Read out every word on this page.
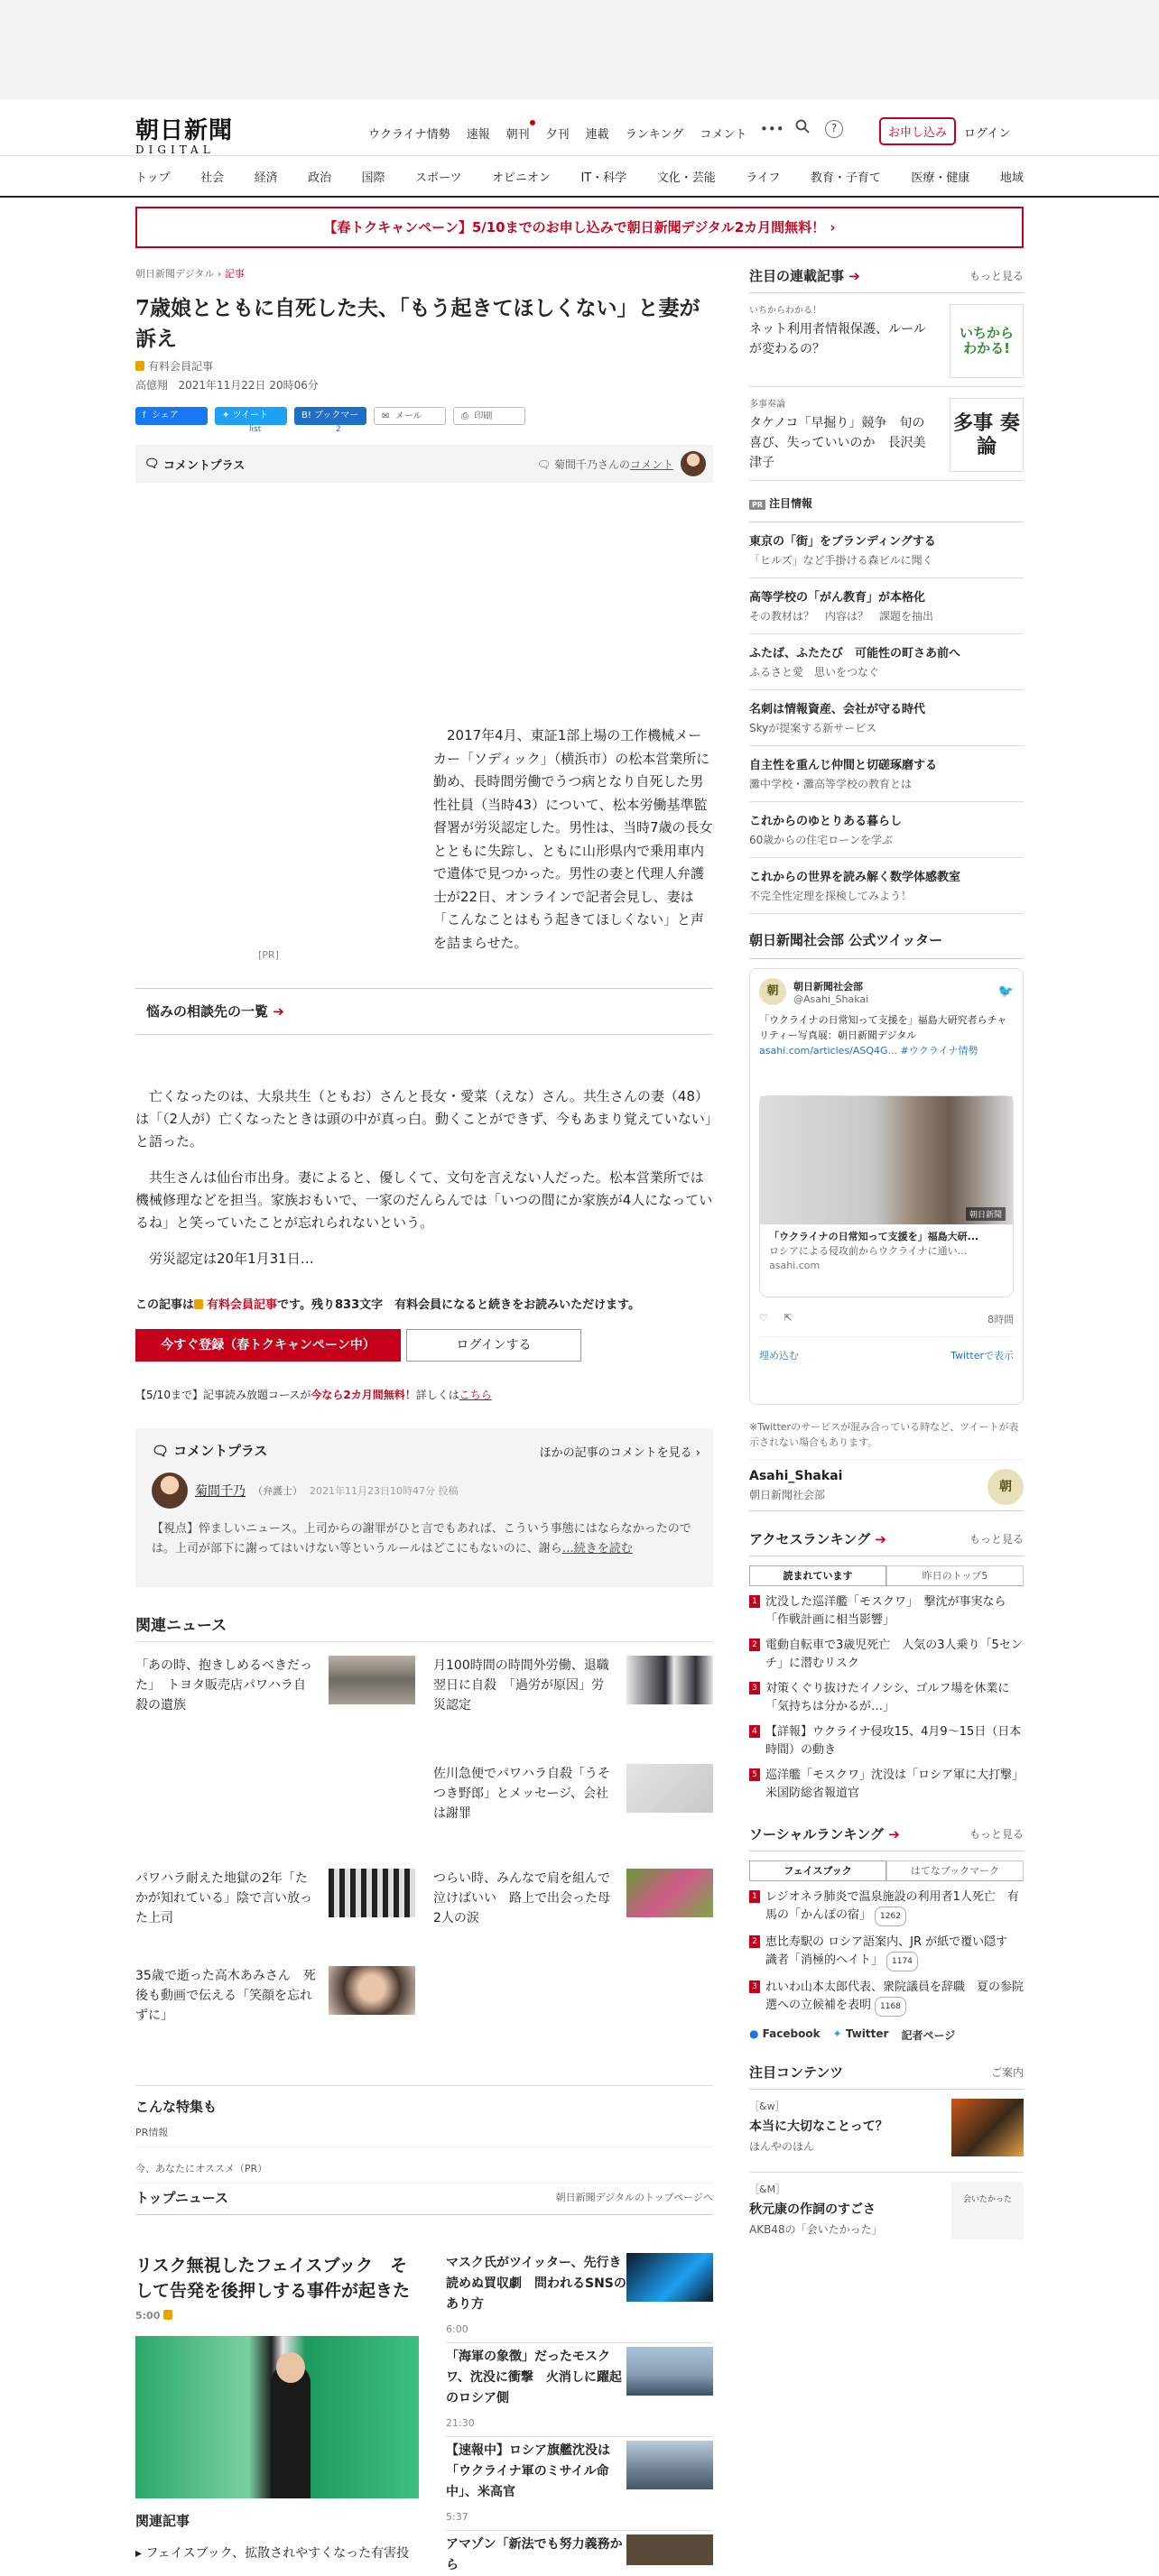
朝日新聞
DIGITAL
ウクライナ情勢 速報 朝刊 夕刊 連載 ランキング コメント •••	?	お申し込み	ログイン
トップ	社会	経済	政治	国際	スポーツ	オピニオン	IT・科学	文化・芸能	ライフ	教育・子育て	医療・健康	地域
【春トクキャンペーン】5/10までのお申し込みで朝日新聞デジタル2カ月間無料！ ›
朝日新聞デジタル › 記事
7歳娘とともに自死した夫、「もう起きてほしくない」と妻が訴え
有料会員記事
高億翔 2021年11月22日 20時06分
f  シェア	✦ ツイート	B! ブックマーク
✉  メール	⎙  印刷
list	2
🗨 コメントプラス	🗨 菊間千乃さんのコメント
[PR]
2017年4月、東証1部上場の工作機械メーカー「ソディック」（横浜市）の松本営業所に勤め、長時間労働でうつ病となり自死した男性社員（当時43）について、松本労働基準監督署が労災認定した。男性は、当時7歳の長女とともに失踪し、ともに山形県内で乗用車内で遺体で見つかった。男性の妻と代理人弁護士が22日、オンラインで記者会見し、妻は「こんなことはもう起きてほしくない」と声を詰まらせた。
悩みの相談先の一覧 ➔

亡くなったのは、大泉共生（ともお）さんと長女・愛菜（えな）さん。共生さんの妻（48）は「（2人が）亡くなったときは頭の中が真っ白。動くことができず、今もあまり覚えていない」と語った。

共生さんは仙台市出身。妻によると、優しくて、文句を言えない人だった。松本営業所では機械修理などを担当。家族おもいで、一家のだんらんでは「いつの間にか家族が4人になっているね」と笑っていたことが忘れられないという。

労災認定は20年1月31日…

この記事は 有料会員記事です。残り833文字　有料会員になると続きをお読みいただけます。
今すぐ登録（春トクキャンペーン中）	ログインする
【5/10まで】記事読み放題コースが今なら2カ月間無料！詳しくはこちら
🗨 コメントプラス	ほかの記事のコメントを見る ›
菊間千乃 （弁護士） 2021年11月23日10時47分 投稿
【視点】悴ましいニュース。上司からの謝罪がひと言でもあれば、こういう事態にはならなかったのでは。上司が部下に謝ってはいけない等というルールはどこにもないのに、謝ら…続きを読む
関連ニュース
「あの時、抱きしめるべきだった」　トヨタ販売店パワハラ自殺の遺族
月100時間の時間外労働、退職翌日に自殺　「過労が原因」労災認定
佐川急便でパワハラ自殺「うそつき野郎」とメッセージ、会社は謝罪
パワハラ耐えた地獄の2年「たかが知れている」陰で言い放った上司
つらい時、みんなで肩を組んで泣けばいい　路上で出会った母2人の涙
35歳で逝った高木あみさん　死後も動画で伝える「笑顔を忘れずに」
こんな特集も
PR情報
今、あなたにオススメ（PR）
トップニュース	朝日新聞デジタルのトップページへ
リスク無視したフェイスブック　そして告発を後押しする事件が起きた
5:00
マスク氏がツイッター、先行き読めぬ買収劇　問われるSNSのあり方
6:00
「海軍の象徴」だったモスクワ、沈没に衝撃　火消しに躍起のロシア側
21:30
【速報中】ロシア旗艦沈没は「ウクライナ軍のミサイル命中」、米高官
5:37
アマゾン「新法でも努力義務から
関連記事
▸ フェイスブック、拡散されやすくなった有害投
注目の連載記事 ➔	もっと見る
いちからわかる！
ネット利用者情報保護、ルールが変わるの？
いちから わかる!
多事奏論
タケノコ「早掘り」競争　旬の喜び、失っていいのか　長沢美津子
多事 奏論
PR 注目情報
東京の「街」をブランディングする
「ヒルズ」など手掛ける森ビルに聞く
高等学校の「がん教育」が本格化
その教材は？　内容は？　課題を抽出
ふたば、ふたたび　可能性の町さあ前へ
ふるさと愛　思いをつなぐ
名刺は情報資産、会社が守る時代
Skyが提案する新サービス
自主性を重んじ仲間と切磋琢磨する
灘中学校・灘高等学校の教育とは
これからのゆとりある暮らし
60歳からの住宅ローンを学ぶ
これからの世界を読み解く数学体感教室
不完全性定理を探検してみよう！
朝日新聞社会部 公式ツイッター
朝	朝日新聞社会部
@Asahi_Shakai	🐦
「ウクライナの日常知って支援を」福島大研究者らチャリティー写真展：朝日新聞デジタル
asahi.com/articles/ASQ4G... #ウクライナ情勢
朝日新聞
「ウクライナの日常知って支援を」福島大研...
ロシアによる侵攻前からウクライナに通い...
asahi.com
♡ ⇱	8時間
埋め込む	Twitterで表示
※Twitterのサービスが混み合っている時など、ツイートが表示されない場合もあります。
Asahi_Shakai
朝日新聞社会部
朝
アクセスランキング ➔	もっと見る
読まれています	昨日のトップ5
1 沈没した巡洋艦「モスクワ」　撃沈が事実なら「作戦計画に相当影響」
2 電動自転車で3歳児死亡　人気の3人乗り「5センチ」に潜むリスク
3 対策くぐり抜けたイノシシ、ゴルフ場を休業に「気持ちは分かるが…」
4 【詳報】ウクライナ侵攻15、4月9～15日（日本時間）の動き
5 巡洋艦「モスクワ」沈没は「ロシア軍に大打撃」　米国防総省報道官
ソーシャルランキング ➔	もっと見る
フェイスブック	はてなブックマーク
1 レジオネラ肺炎で温泉施設の利用者1人死亡　有馬の「かんぽの宿」 1262
2 恵比寿駅の ロシア語案内、JR が紙で覆い隠す　識者「消極的ヘイト」 1174
3 れいわ山本太郎代表、衆院議員を辞職　夏の参院選への立候補を表明 1168
● Facebook ✦ Twitter 記者ページ
注目コンテンツ	ご案内
［&w］
本当に大切なことって？
ほんやのほん
［&M］
秋元康の作詞のすごさ
AKB48の「会いたかった」
会いたかった
